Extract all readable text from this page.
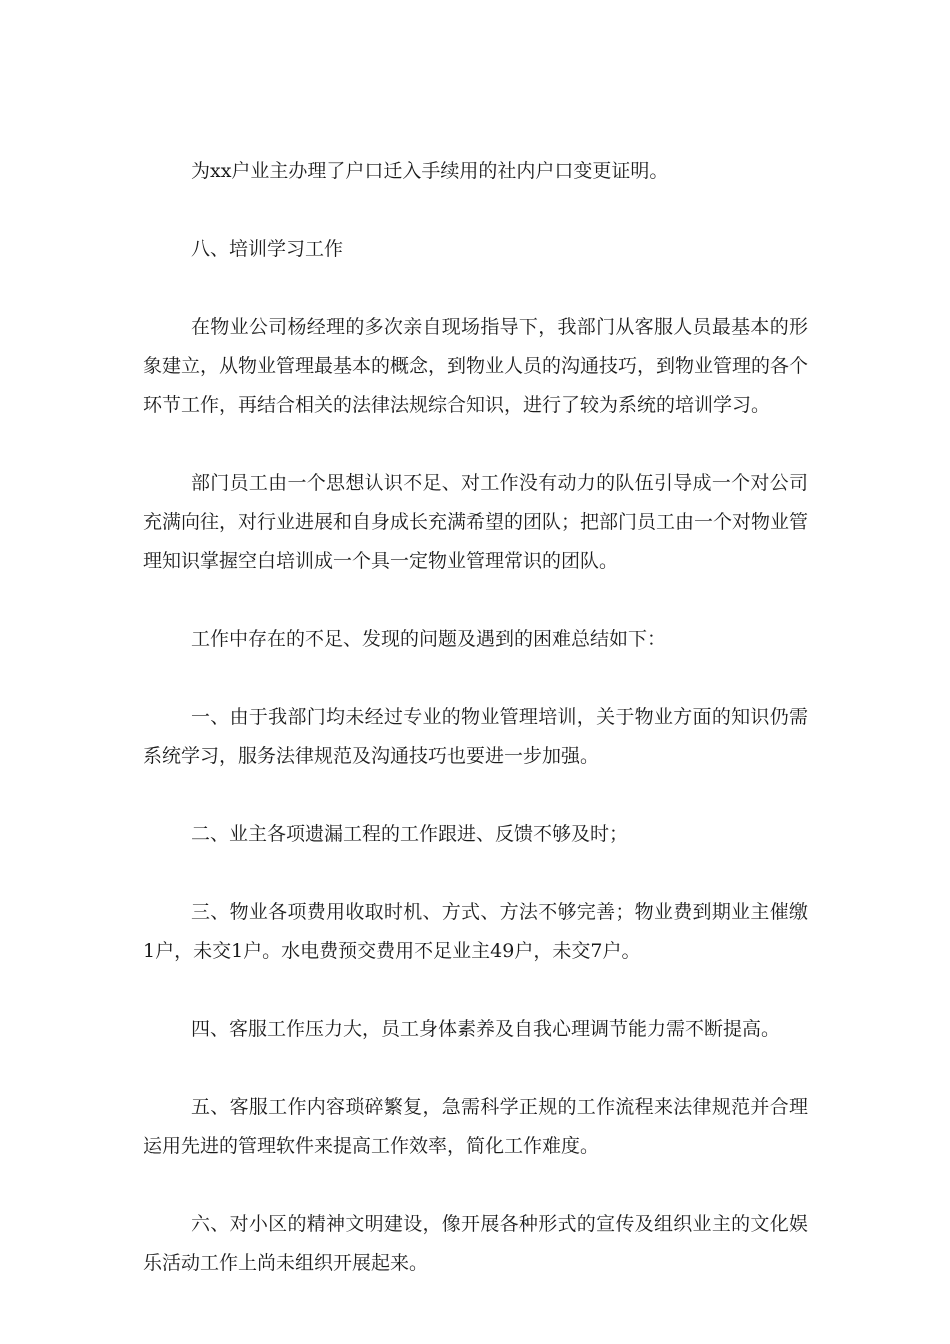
为xx户业主办理了户口迁入手续用的社内户口变更证明。

八、培训学习工作

在物业公司杨经理的多次亲自现场指导下，我部门从客服人员最基本的形象建立，从物业管理最基本的概念，到物业人员的沟通技巧，到物业管理的各个环节工作，再结合相关的法律法规综合知识，进行了较为系统的培训学习。

部门员工由一个思想认识不足、对工作没有动力的队伍引导成一个对公司充满向往，对行业进展和自身成长充满希望的团队；把部门员工由一个对物业管理知识掌握空白培训成一个具一定物业管理常识的团队。

工作中存在的不足、发现的问题及遇到的困难总结如下：

一、由于我部门均未经过专业的物业管理培训，关于物业方面的知识仍需系统学习，服务法律规范及沟通技巧也要进一步加强。

二、业主各项遗漏工程的工作跟进、反馈不够及时；

三、物业各项费用收取时机、方式、方法不够完善；物业费到期业主催缴1户，未交1户。水电费预交费用不足业主49户，未交7户。

四、客服工作压力大，员工身体素养及自我心理调节能力需不断提高。

五、客服工作内容琐碎繁复，急需科学正规的工作流程来法律规范并合理运用先进的管理软件来提高工作效率，简化工作难度。

六、对小区的精神文明建设，像开展各种形式的宣传及组织业主的文化娱乐活动工作上尚未组织开展起来。
